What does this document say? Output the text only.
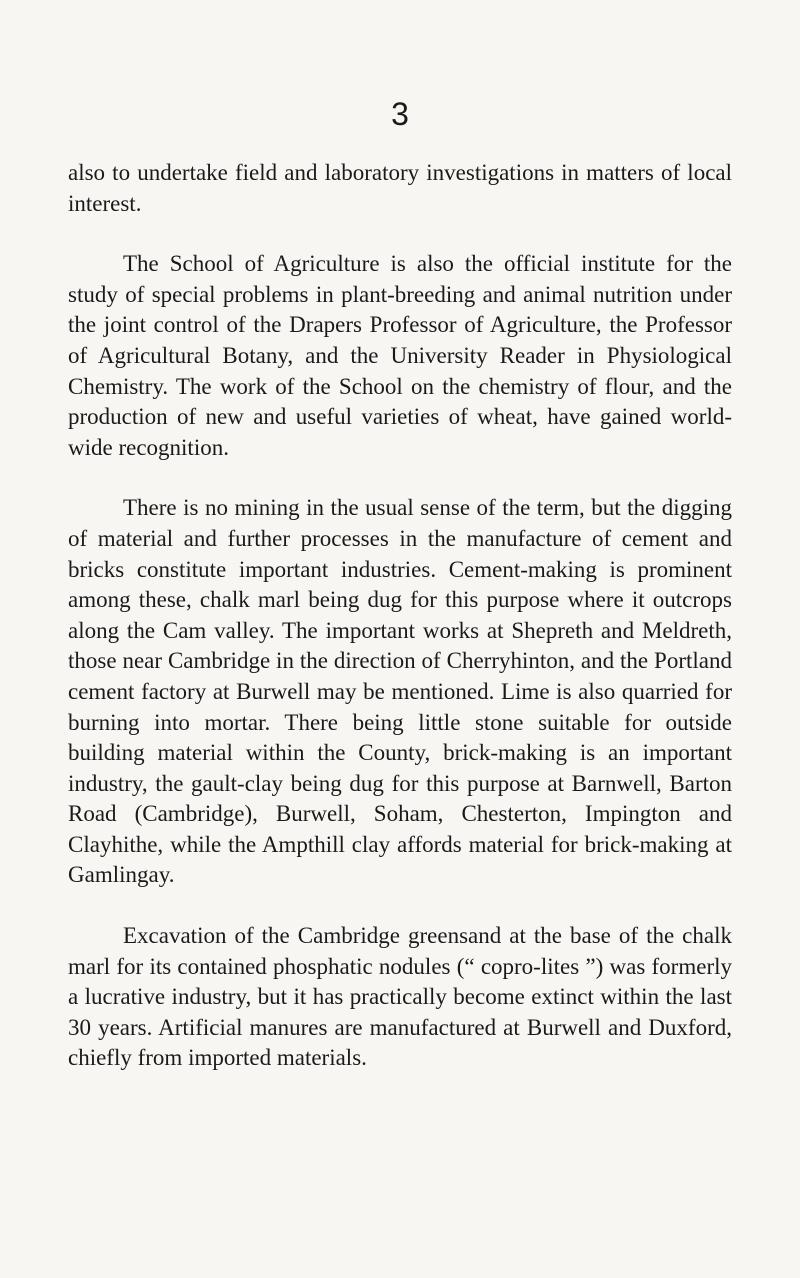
3

also to undertake field and laboratory investigations in matters of local interest.

The School of Agriculture is also the official institute for the study of special problems in plant-breeding and animal nutrition under the joint control of the Drapers Professor of Agriculture, the Professor of Agricultural Botany, and the University Reader in Physiological Chemistry. The work of the School on the chemistry of flour, and the production of new and useful varieties of wheat, have gained world-wide recognition.

There is no mining in the usual sense of the term, but the digging of material and further processes in the manufacture of cement and bricks constitute important industries. Cement-making is prominent among these, chalk marl being dug for this purpose where it outcrops along the Cam valley. The important works at Shepreth and Meldreth, those near Cambridge in the direction of Cherryhinton, and the Portland cement factory at Burwell may be mentioned. Lime is also quarried for burning into mortar. There being little stone suitable for outside building material within the County, brick-making is an important industry, the gault-clay being dug for this purpose at Barnwell, Barton Road (Cambridge), Burwell, Soham, Chesterton, Impington and Clayhithe, while the Ampthill clay affords material for brick-making at Gamlingay.

Excavation of the Cambridge greensand at the base of the chalk marl for its contained phosphatic nodules (“ copro-lites ”) was formerly a lucrative industry, but it has practically become extinct within the last 30 years. Artificial manures are manufactured at Burwell and Duxford, chiefly from imported materials.
